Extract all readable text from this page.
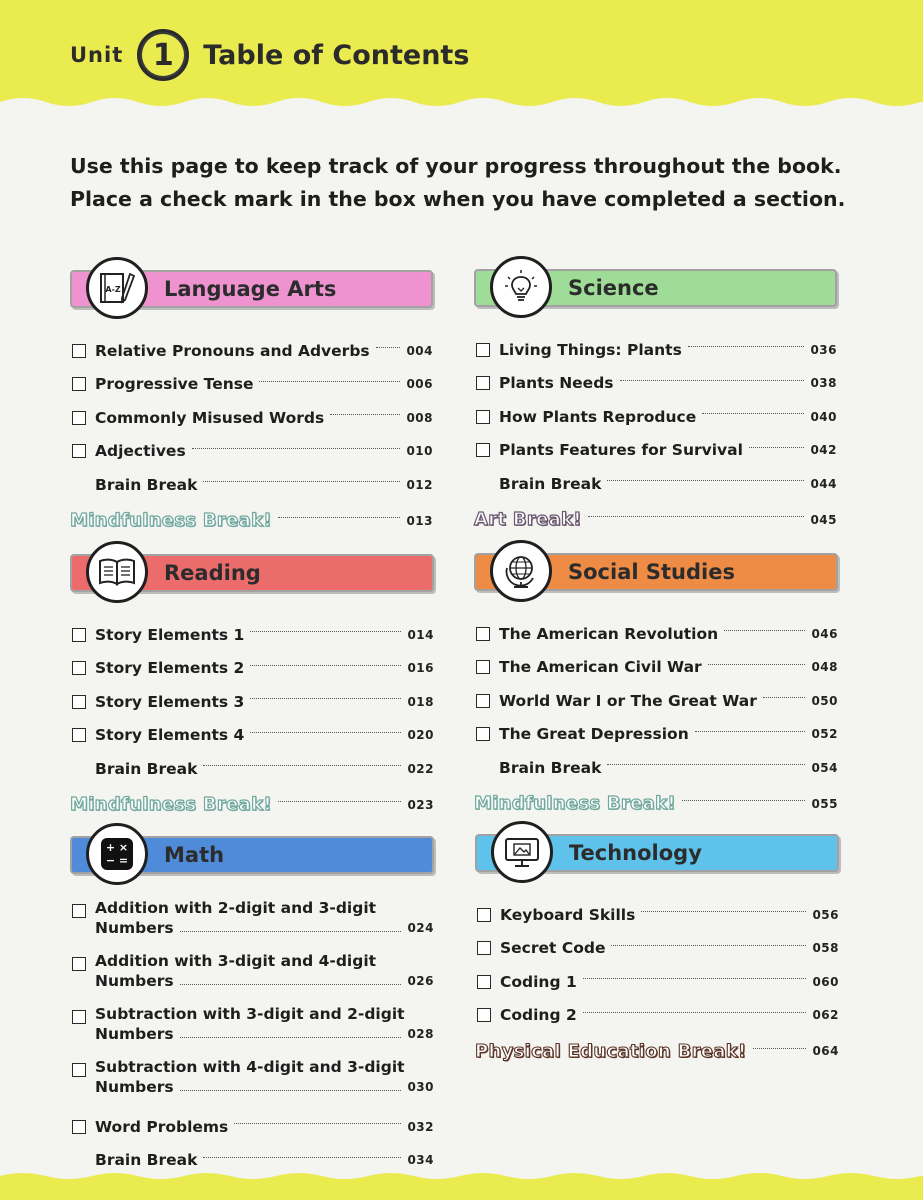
Unit 1	Table of Contents
Use this page to keep track of your progress throughout the book.
Place a check mark in the box when you have completed a section.
A-Z Language Arts
Relative Pronouns and Adverbs	004
Progressive Tense	006
Commonly Misused Words	008
Adjectives	010
Brain Break	012
Mindfulness Break!	013
Science
Living Things: Plants	036
Plants Needs	038
How Plants Reproduce	040
Plants Features for Survival	042
Brain Break	044
Art Break!	045
Reading
Story Elements 1	014
Story Elements 2	016
Story Elements 3	018
Story Elements 4	020
Brain Break	022
Mindfulness Break!	023
Social Studies
The American Revolution	046
The American Civil War	048
World War I or The Great War	050
The Great Depression	052
Brain Break	054
Mindfulness Break!	055
+ ×
− = Math
Addition with 2-digit and 3-digit
Numbers	024
Addition with 3-digit and 4-digit
Numbers	026
Subtraction with 3-digit and 2-digit
Numbers	028
Subtraction with 4-digit and 3-digit
Numbers	030
Word Problems	032
Brain Break	034
Technology
Keyboard Skills	056
Secret Code	058
Coding 1	060
Coding 2	062
Physical Education Break!	064
